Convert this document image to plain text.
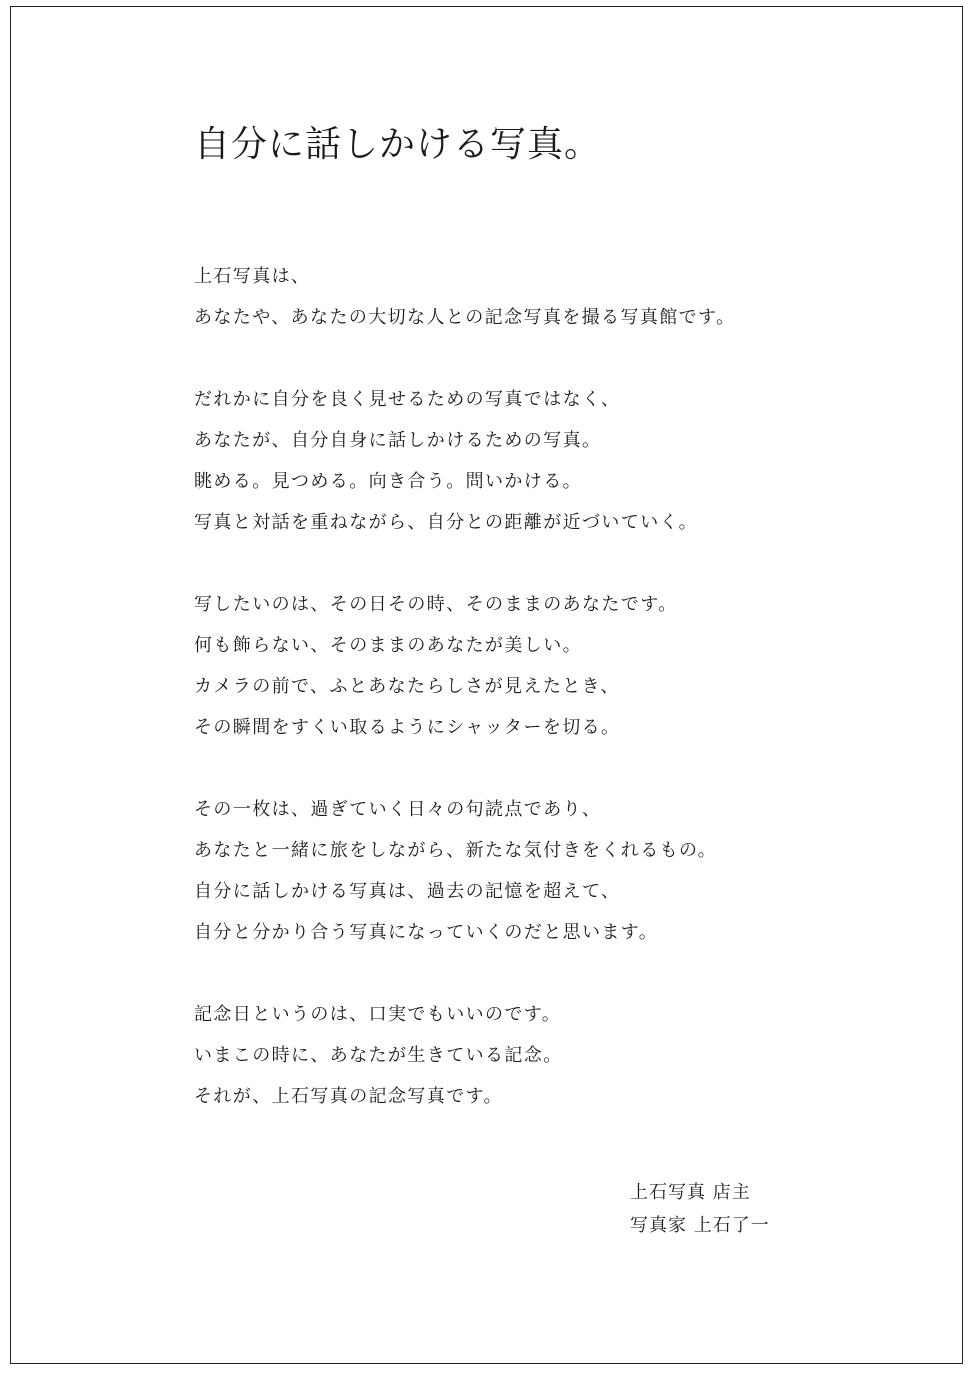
自分に話しかける写真。
上石写真は、
あなたや、あなたの大切な人との記念写真を撮る写真館です。
だれかに自分を良く見せるための写真ではなく、
あなたが、自分自身に話しかけるための写真。
眺める。見つめる。向き合う。問いかける。
写真と対話を重ねながら、自分との距離が近づいていく。
写したいのは、その日その時、そのままのあなたです。
何も飾らない、そのままのあなたが美しい。
カメラの前で、ふとあなたらしさが見えたとき、
その瞬間をすくい取るようにシャッターを切る。
その一枚は、過ぎていく日々の句読点であり、
あなたと一緒に旅をしながら、新たな気付きをくれるもの。
自分に話しかける写真は、過去の記憶を超えて、
自分と分かり合う写真になっていくのだと思います。
記念日というのは、口実でもいいのです。
いまこの時に、あなたが生きている記念。
それが、上石写真の記念写真です。
上石写真 店主
写真家 上石了一
